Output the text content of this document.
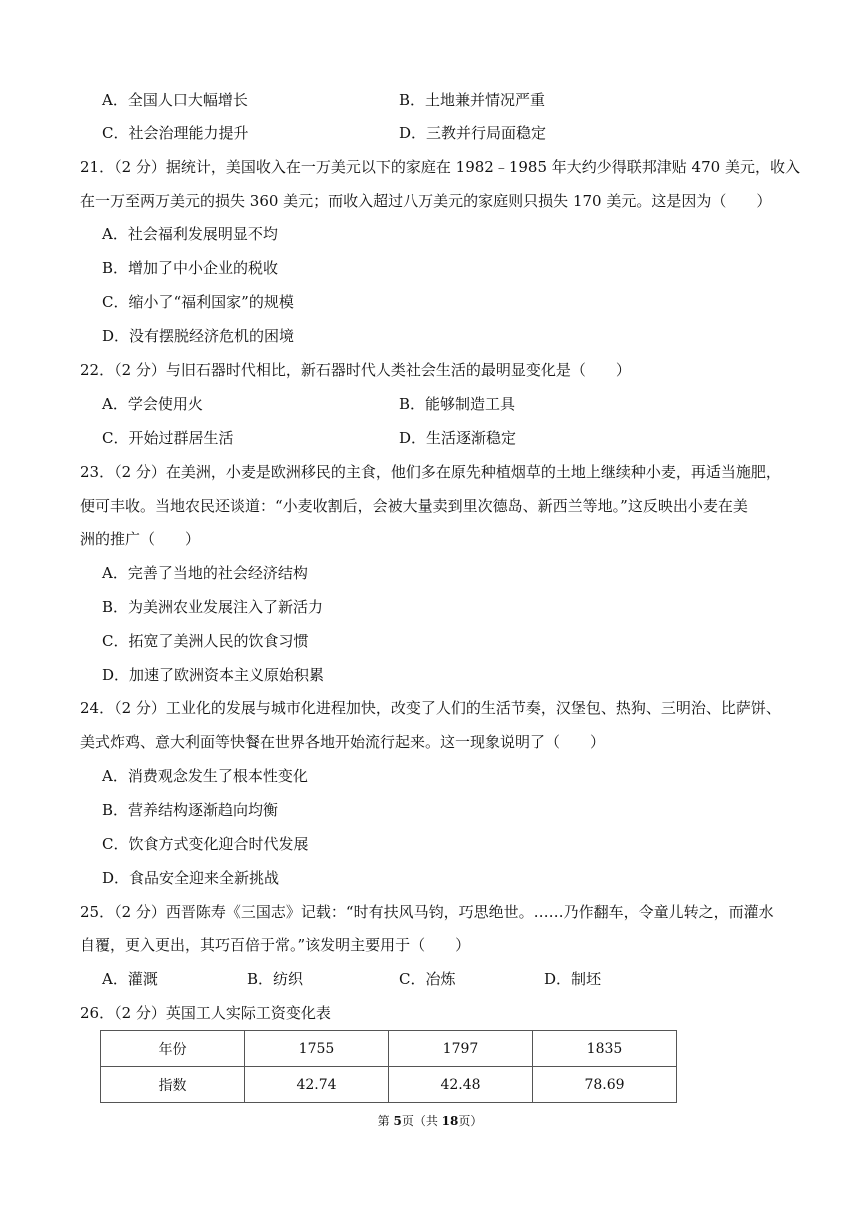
A．全国人口大幅增长	B．土地兼并情况严重
C．社会治理能力提升	D．三教并行局面稳定
21．（2 分）据统计，美国收入在一万美元以下的家庭在 1982﹣1985 年大约少得联邦津贴 470 美元，收入
在一万至两万美元的损失 360 美元；而收入超过八万美元的家庭则只损失 170 美元。这是因为（　　）
A．社会福利发展明显不均
B．增加了中小企业的税收
C．缩小了“福利国家”的规模
D．没有摆脱经济危机的困境
22．（2 分）与旧石器时代相比，新石器时代人类社会生活的最明显变化是（　　）
A．学会使用火	B．能够制造工具
C．开始过群居生活	D．生活逐渐稳定
23．（2 分）在美洲，小麦是欧洲移民的主食，他们多在原先种植烟草的土地上继续种小麦，再适当施肥，
便可丰收。当地农民还谈道：“小麦收割后，会被大量卖到里次德岛、新西兰等地。”这反映出小麦在美
洲的推广（　　）
A．完善了当地的社会经济结构
B．为美洲农业发展注入了新活力
C．拓宽了美洲人民的饮食习惯
D．加速了欧洲资本主义原始积累
24．（2 分）工业化的发展与城市化进程加快，改变了人们的生活节奏，汉堡包、热狗、三明治、比萨饼、
美式炸鸡、意大利面等快餐在世界各地开始流行起来。这一现象说明了（　　）
A．消费观念发生了根本性变化
B．营养结构逐渐趋向均衡
C．饮食方式变化迎合时代发展
D．食品安全迎来全新挑战
25．（2 分）西晋陈寿《三国志》记载：“时有扶风马钧，巧思绝世。……乃作翻车，令童儿转之，而灌水
自覆，更入更出，其巧百倍于常。”该发明主要用于（　　）
A．灌溉	B．纺织	C．冶炼	D．制坯
26．（2 分）英国工人实际工资变化表
年份	1755	1797	1835
指数	42.74	42.48	78.69
第 5页（共 18页）
